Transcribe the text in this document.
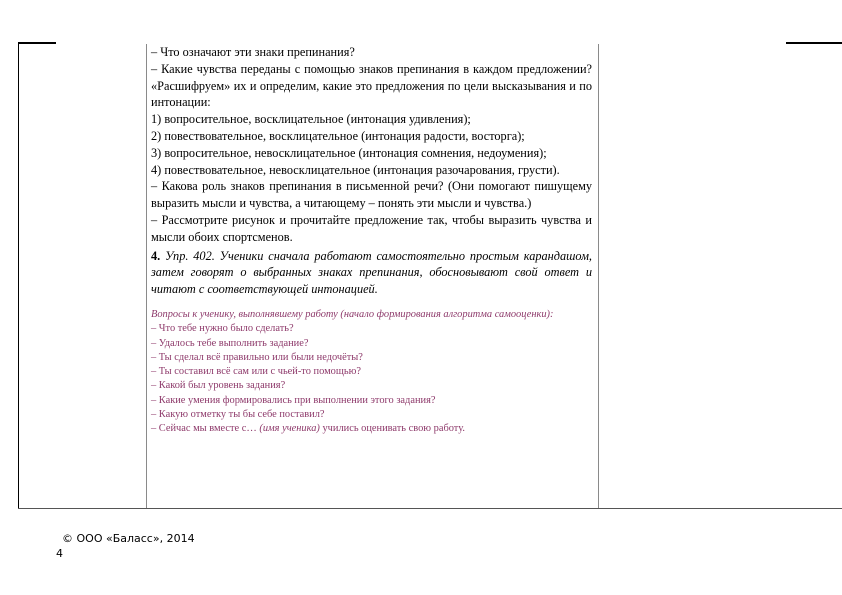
– Что означают эти знаки препинания?

– Какие чувства переданы с помощью знаков препинания в каждом предложении? «Расшифруем» их и определим, какие это предложения по цели высказывания и по интонации:

1) вопросительное, восклицательное (интонация удивления);

2) повествовательное, восклицательное (интонация радости, восторга);

3) вопросительное, невосклицательное (интонация сомнения, недоумения);

4) повествовательное, невосклицательное (интонация разочарования, грусти).

– Какова роль знаков препинания в письменной речи? (Они помогают пишущему выразить мысли и чувства, а читающему – понять эти мысли и чувства.)

– Рассмотрите рисунок и прочитайте предложение так, чтобы выразить чувства и мысли обоих спортсменов.

4. Упр. 402. Ученики сначала работают самостоятельно простым карандашом, затем говорят о выбранных знаках препинания, обосновывают свой ответ и читают с соответствующей интонацией.

Вопросы к ученику, выполнявшему работу (начало формирования алгоритма самооценки):

– Что тебе нужно было сделать?

– Удалось тебе выполнить задание?

– Ты сделал всё правильно или были недочёты?

– Ты составил всё сам или с чьей-то помощью?

– Какой был уровень задания?

– Какие умения формировались при выполнении этого задания?

– Какую отметку ты бы себе поставил?

– Сейчас мы вместе с… (имя ученика) учились оценивать свою работу.

© ООО «Баласс», 2014
4
